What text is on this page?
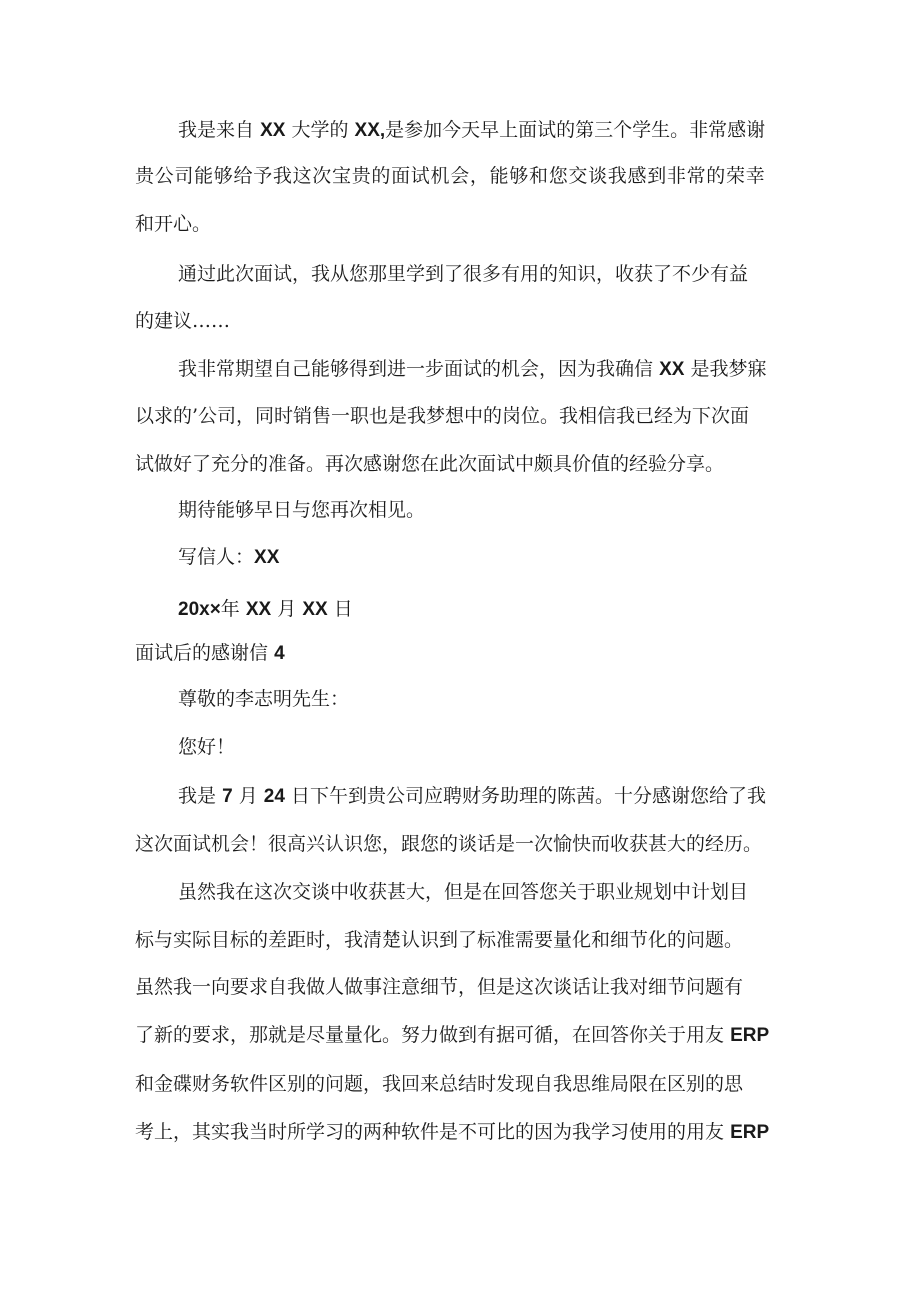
我是来自 XX 大学的 XX,是参加今天早上面试的第三个学生。非常感谢
贵公司能够给予我这次宝贵的面试机会，能够和您交谈我感到非常的荣幸
和开心。
通过此次面试，我从您那里学到了很多有用的知识，收获了不少有益
的建议……
我非常期望自己能够得到进一步面试的机会，因为我确信 XX 是我梦寐
以求的’公司，同时销售一职也是我梦想中的岗位。我相信我已经为下次面
试做好了充分的准备。再次感谢您在此次面试中颇具价值的经验分享。
期待能够早日与您再次相见。
写信人：XX
20x×年 XX 月 XX 日
面试后的感谢信 4
尊敬的李志明先生：
您好！
我是 7 月 24 日下午到贵公司应聘财务助理的陈茜。十分感谢您给了我
这次面试机会！很高兴认识您，跟您的谈话是一次愉快而收获甚大的经历。
虽然我在这次交谈中收获甚大，但是在回答您关于职业规划中计划目
标与实际目标的差距时，我清楚认识到了标准需要量化和细节化的问题。
虽然我一向要求自我做人做事注意细节，但是这次谈话让我对细节问题有
了新的要求，那就是尽量量化。努力做到有据可循，在回答你关于用友 ERP
和金碟财务软件区别的问题，我回来总结时发现自我思维局限在区别的思
考上，其实我当时所学习的两种软件是不可比的因为我学习使用的用友 ERP
